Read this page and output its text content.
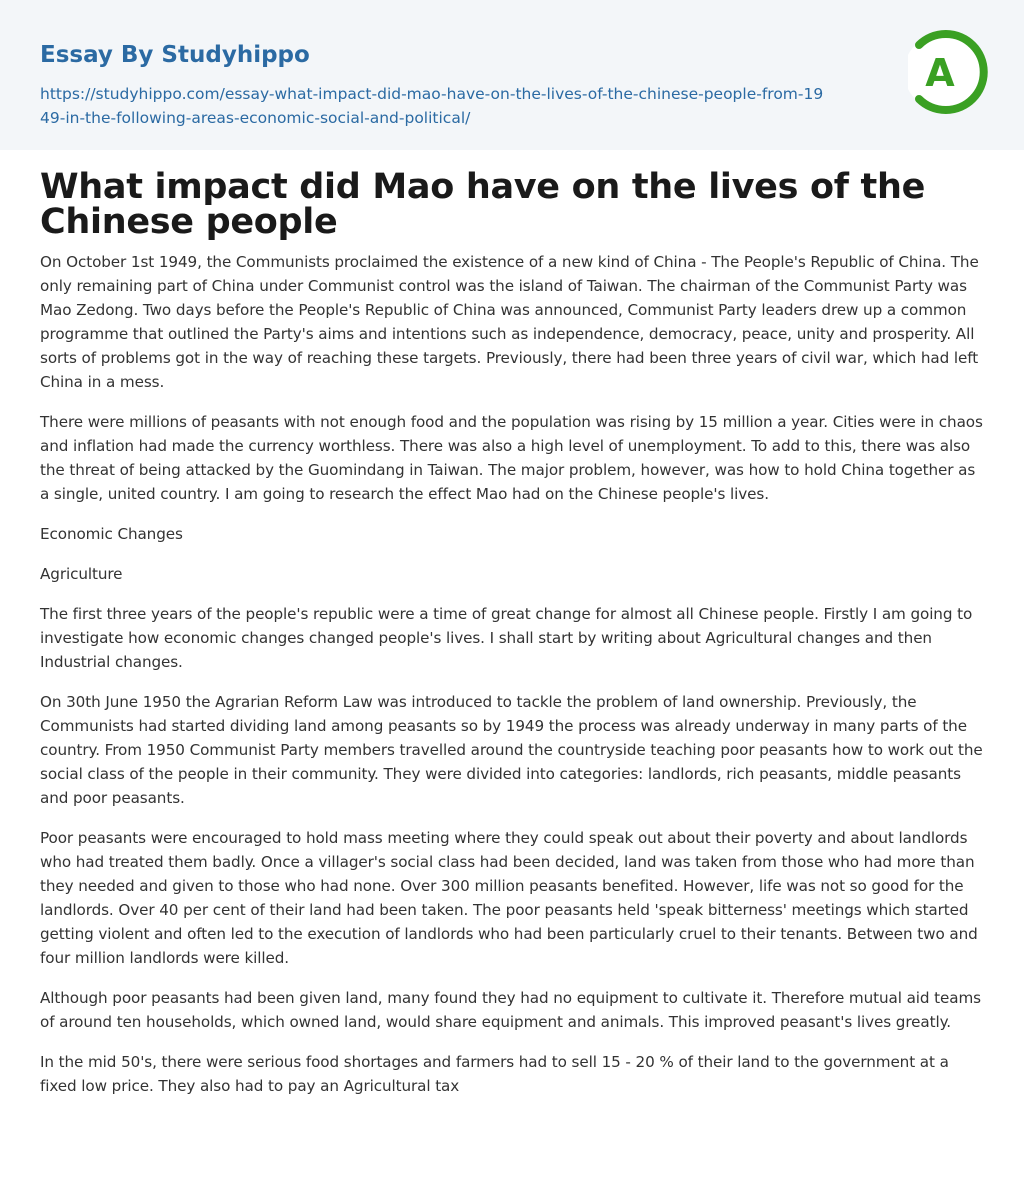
Essay By Studyhippo
https://studyhippo.com/essay-what-impact-did-mao-have-on-the-lives-of-the-chinese-people-from-1949-in-the-following-areas-economic-social-and-political/
A
What impact did Mao have on the lives of the Chinese people

On October 1st 1949, the Communists proclaimed the existence of a new kind of China - The People's Republic of China. The only remaining part of China under Communist control was the island of Taiwan. The chairman of the Communist Party was Mao Zedong. Two days before the People's Republic of China was announced, Communist Party leaders drew up a common programme that outlined the Party's aims and intentions such as independence, democracy, peace, unity and prosperity. All sorts of problems got in the way of reaching these targets. Previously, there had been three years of civil war, which had left China in a mess.

There were millions of peasants with not enough food and the population was rising by 15 million a year. Cities were in chaos and inflation had made the currency worthless. There was also a high level of unemployment. To add to this, there was also the threat of being attacked by the Guomindang in Taiwan. The major problem, however, was how to hold China together as a single, united country. I am going to research the effect Mao had on the Chinese people's lives.

Economic Changes

Agriculture

The first three years of the people's republic were a time of great change for almost all Chinese people. Firstly I am going to investigate how economic changes changed people's lives. I shall start by writing about Agricultural changes and then Industrial changes.

On 30th June 1950 the Agrarian Reform Law was introduced to tackle the problem of land ownership. Previously, the Communists had started dividing land among peasants so by 1949 the process was already underway in many parts of the country. From 1950 Communist Party members travelled around the countryside teaching poor peasants how to work out the social class of the people in their community. They were divided into categories: landlords, rich peasants, middle peasants and poor peasants.

Poor peasants were encouraged to hold mass meeting where they could speak out about their poverty and about landlords who had treated them badly. Once a villager's social class had been decided, land was taken from those who had more than they needed and given to those who had none. Over 300 million peasants benefited. However, life was not so good for the landlords. Over 40 per cent of their land had been taken. The poor peasants held 'speak bitterness' meetings which started getting violent and often led to the execution of landlords who had been particularly cruel to their tenants. Between two and four million landlords were killed.

Although poor peasants had been given land, many found they had no equipment to cultivate it. Therefore mutual aid teams of around ten households, which owned land, would share equipment and animals. This improved peasant's lives greatly.

In the mid 50's, there were serious food shortages and farmers had to sell 15 - 20 % of their land to the government at a fixed low price. They also had to pay an Agricultural tax
